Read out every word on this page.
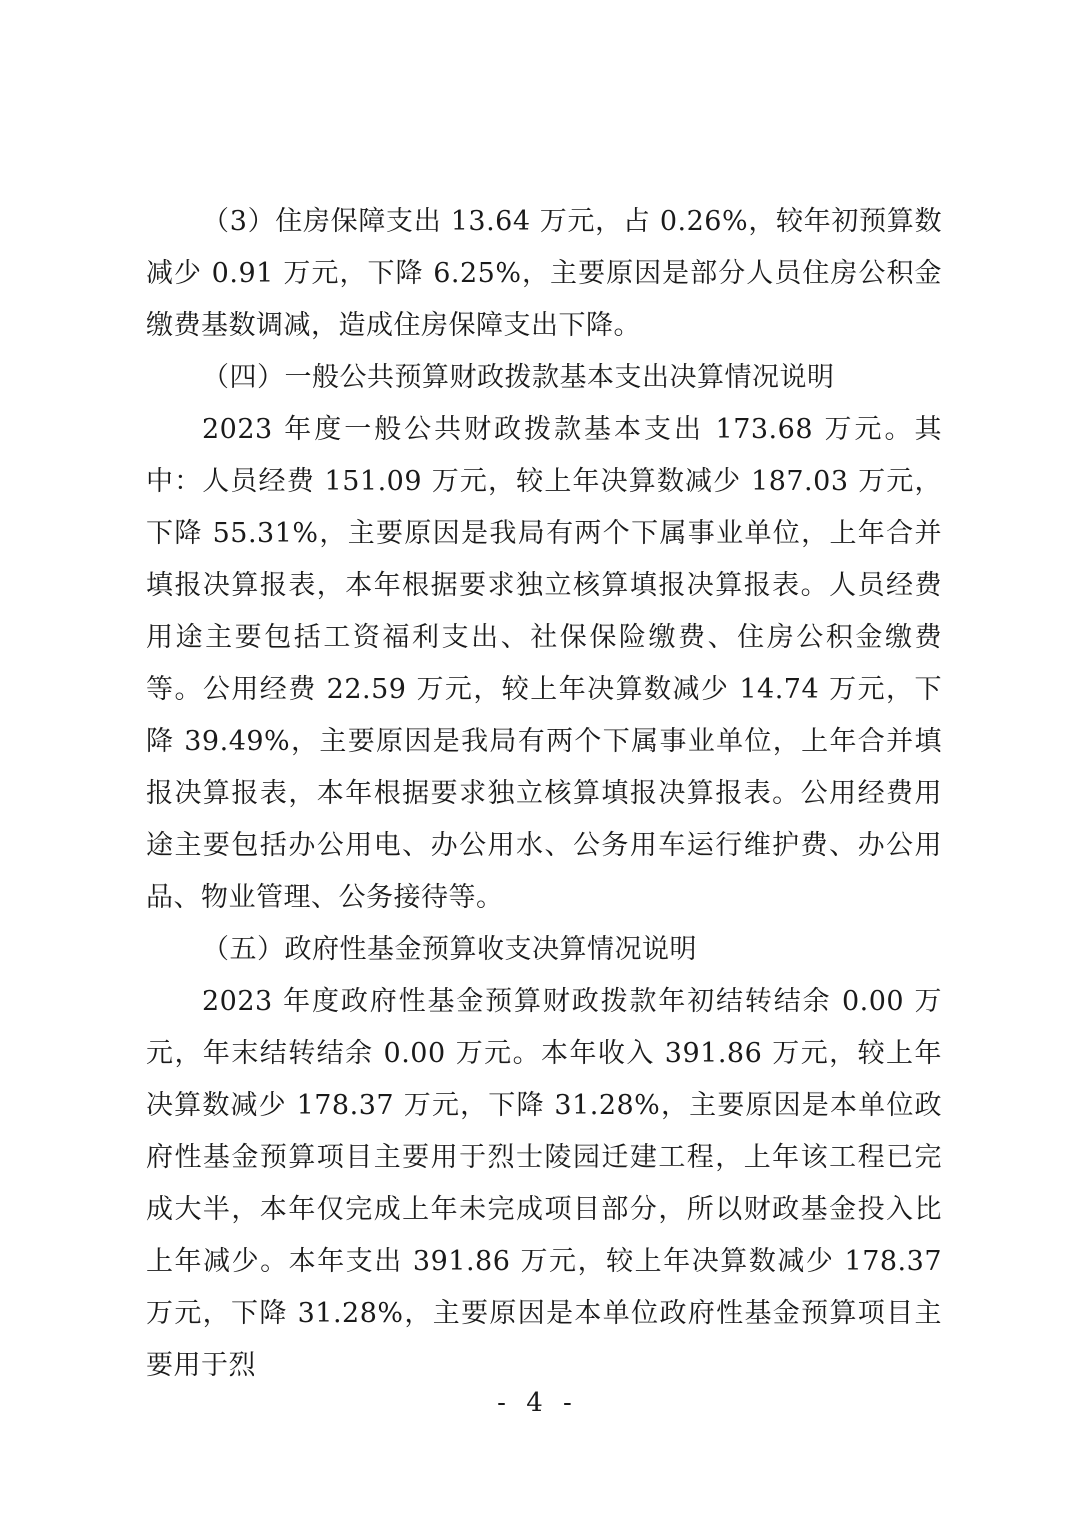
（3）住房保障支出 13.64 万元，占 0.26%，较年初预算数减少 0.91 万元，下降 6.25%，主要原因是部分人员住房公积金缴费基数调减，造成住房保障支出下降。

（四）一般公共预算财政拨款基本支出决算情况说明

2023 年度一般公共财政拨款基本支出 173.68 万元。其中：人员经费 151.09 万元，较上年决算数减少 187.03 万元，下降 55.31%，主要原因是我局有两个下属事业单位，上年合并填报决算报表，本年根据要求独立核算填报决算报表。人员经费用途主要包括工资福利支出、社保保险缴费、住房公积金缴费等。公用经费 22.59 万元，较上年决算数减少 14.74 万元，下降 39.49%，主要原因是我局有两个下属事业单位，上年合并填报决算报表，本年根据要求独立核算填报决算报表。公用经费用途主要包括办公用电、办公用水、公务用车运行维护费、办公用品、物业管理、公务接待等。

（五）政府性基金预算收支决算情况说明

2023 年度政府性基金预算财政拨款年初结转结余 0.00 万元，年末结转结余 0.00 万元。本年收入 391.86 万元，较上年决算数减少 178.37 万元，下降 31.28%，主要原因是本单位政府性基金预算项目主要用于烈士陵园迁建工程，上年该工程已完成大半，本年仅完成上年未完成项目部分，所以财政基金投入比上年减少。本年支出 391.86 万元，较上年决算数减少 178.37 万元，下降 31.28%，主要原因是本单位政府性基金预算项目主要用于烈

- 4 -
